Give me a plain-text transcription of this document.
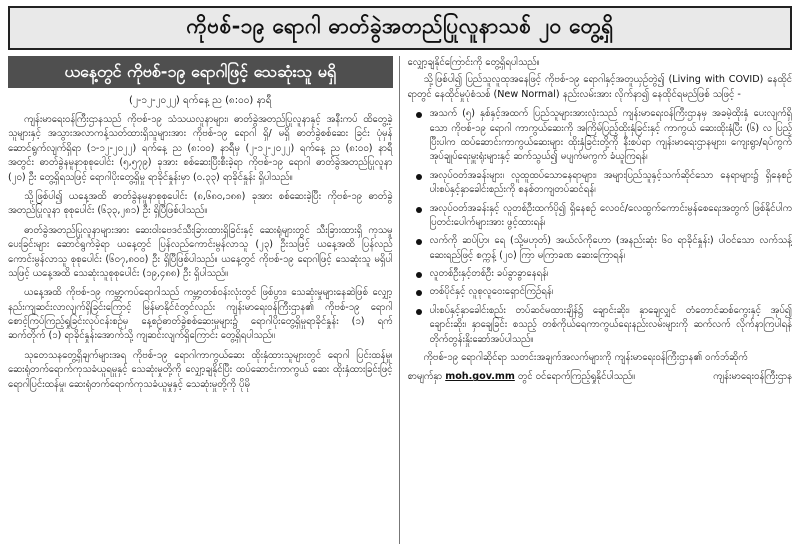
ကိုဗစ်-၁၉ ရောဂါ ဓာတ်ခွဲအတည်ပြုလူနာသစ် ၂၀ တွေ့ရှိ
ယနေ့တွင် ကိုဗစ်-၁၉ ရောဂါဖြင့် သေဆုံးသူ မရှိ
(၂-၁၂-၂၀၂၂) ရက်နေ့ ည (၈:၀၀) နာရီ

ကျန်းမာရေးဝန်ကြီးဌာနသည် ကိုဗစ်-၁၉ သံသယလူနာများ၊ ဓာတ်ခွဲအတည်ပြုလူနာနှင့် အနီးကပ် ထိတွေ့ခဲ့သူများနှင့် အသွားအလာကန့်သတ်ထားရှိသူများအား ကိုဗစ်-၁၉ ရောဂါ ရှိ/ မရှိ ဓာတ်ခွဲစစ်ဆေး ခြင်း ပုံမှန်ဆောင်ရွက်လျက်ရှိရာ (၁-၁၂-၂၀၂၂) ရက်နေ့ ည (၈:၀၀) နာရီမှ (၂-၁၂-၂၀၂၂) ရက်နေ့ ည (၈:၀၀) နာရီအတွင်း ဓာတ်ခွဲနမူနာစုစုပေါင်း (၅,၅၇၉) ခုအား စစ်ဆေးပြီးစီးခဲ့ရာ ကိုဗစ်-၁၉ ရောဂါ ဓာတ်ခွဲအတည်ပြုလူနာ (၂၀) ဦး တွေ့ရှိရသဖြင့် ရောဂါပိုးတွေ့ရှိမှု ရာခိုင်နှုန်းမှာ (၀.၃၃) ရာခိုင်နှုန်း ရှိပါသည်။

သို့ဖြစ်ပါ၍ ယနေ့အထိ ဓာတ်ခွဲနမူနာစုစုပေါင်း (၈,၆၈၀,၁၈၈) ခုအား စစ်ဆေးခဲ့ပြီး ကိုဗစ်-၁၉ ဓာတ်ခွဲအတည်ပြုလူနာ စုစုပေါင်း (၆၃၃,၂၈၁) ဦး ရှိပြီဖြစ်ပါသည်။

ဓာတ်ခွဲအတည်ပြုလူနာများအား ဆေးဝါးဗေဒင်သီးခြားထားရှိခြင်းနှင့် ဆေးရုံများတွင် သီးခြားထားရှိ ကုသမှုပေးခြင်းများ ဆောင်ရွက်ခဲ့ရာ ယနေ့တွင် ပြန်လည်ကောင်းမွန်လာသူ (၂၃) ဦးသဖြင့် ယနေ့အထိ ပြန်လည်ကောင်းမွန်လာသူ စုစုပေါင်း (၆၀၇,၈၀၀) ဦး ရှိပြီဖြစ်ပါသည်။ ယနေ့တွင် ကိုဗစ်-၁၉ ရောဂါဖြင့် သေဆုံးသူ မရှိပါသဖြင့် ယနေ့အထိ သေဆုံးသူစုစုပေါင်း (၁၉,၄၈၈) ဦး ရှိပါသည်။

ယနေ့အထိ ကိုဗစ်-၁၉ ကမ္ဘာ့ကပ်ရောဂါသည် ကမ္ဘာ့တစ်ဝန်းလုံးတွင် ဖြစ်ပွား၊ သေဆုံးမှုများနေဆဲဖြစ် လျှော့နည်းကျဆင်းလာလျက်ရှိခြင်းကြောင့် မြန်မာနိုင်ငံတွင်လည်း ကျန်းမာရေးဝန်ကြီးဌာန၏ ကိုဗစ်-၁၉ ရောဂါ စောင့်ကြပ်ကြည့်ရှုခြင်းလုပ်ငန်းစဉ်မှ နေ့စဉ်ဓာတ်ခွဲစစ်ဆေးမှုများ၌ ရောဂါပိုးတွေ့ရှိမှုရာခိုင်နှုန်း (၁) ရက် ဆက်တိုက် (၁) ရာခိုင်နှုန်းအောက်သို့ ကျဆင်းလျက်ရှိကြောင်း တွေ့ရှိရပါသည်။

သုတေသနတွေ့ရှိချက်များအရ ကိုဗစ်-၁၉ ရောဂါကာကွယ်ဆေး ထိုးနှံထားသူများတွင် ရောဂါ ပြင်းထန်မှု၊ ဆေးရုံတက်ရောက်ကုသခံယူရမှုနှင့် သေဆုံးမှုတို့ကို လျှော့ချနိုင်ပြီး ထပ်ဆောင်းကာကွယ် ဆေး ထိုးနှံထားခြင်းဖြင့် ရောဂါပြင်းထန်မှု၊ ဆေးရုံတက်ရောက်ကုသခံယူမှုနှင့် သေဆုံးမှုတို့ကို ပိုမို

လျှော့ချနိုင်ကြောင်းကို တွေ့ရှိရပါသည်။

သို့ဖြစ်ပါ၍ ပြည်သူလူထုအနေဖြင့် ကိုဗစ်-၁၉ ရောဂါနှင့်အတူယှဉ်တွဲ၍ (Living with COVID) နေထိုင်ရာတွင် နေထိုင်မှုပုံစံသစ် (New Normal) နည်းလမ်းအား လိုက်နာ၍ နေထိုင်ရမည်ဖြစ် သဖြင့် -

အသက် (၅) နှစ်နှင့်အထက် ပြည်သူများအားလုံးသည် ကျန်းမာရေးဝန်ကြီးဌာနမှ အခမဲ့ထိုးနှံ ပေးလျက်ရှိသော ကိုဗစ်-၁၉ ရောဂါ ကာကွယ်ဆေးကို အကြိမ်ပြည့်ထိုးနှံခြင်းနှင့် ကာကွယ် ဆေးထိုးနှံပြီး (၆) လ ပြည့်ပြီးပါက ထပ်ဆောင်းကာကွယ်ဆေးများ ထိုးနှံခြင်းတို့ကို နီးစပ်ရာ ကျန်းမာရေးဌာနများ၊ ကျေးရွာ/ရပ်ကွက်အုပ်ချုပ်ရေးမှူးရုံးများနှင့် ဆက်သွယ်၍ မပျက်မကွက် ခံယူကြရန်၊
အလုပ်ဝတ်အခန်းများ၊ လူထူထပ်သောနေရာများ၊ အများပြည်သူနှင့်သက်ဆိုင်သော နေရာများ၌ ရှိနေစဉ် ပါးစပ်နှင့်နှာခေါင်းစည်းကို စနစ်တကျတပ်ဆင်ရန်၊
အလုပ်ဝတ်အခန်းနှင့် လူတစ်ဦးထက်ပို၍ ရှိနေစဉ် လေဝင်/လေထွက်ကောင်းမွန်စေရေးအတွက် ဖြစ်နိုင်ပါက ပြတင်းပေါက်များအား ဖွင့်ထားရန်၊
လက်ကို ဆပ်ပြာ၊ ရေ (သို့မဟုတ်) အယ်လ်ကိုဟော (အနည်းဆုံး ၆၀ ရာခိုင်နှုန်း) ပါဝင်သော လက်သန့်ဆေးရည်ဖြင့် စက္ကန့် (၂၀) ကြာ မကြာခဏ ဆေးကြောရန်၊
လူတစ်ဦးနှင့်တစ်ဦး ခပ်ခွာခွာနေရန်၊
တစ်ပိုင်နှင့် လူစုလူဝေးရှောင်ကြဉ်ရန်၊
ပါးစပ်နှင့်နှာခေါင်းစည်း တပ်ဆင်မထားချိန်၌ ချောင်းဆိုး၊ နှာချေလျှင် တံတောင်ဆစ်ကွေးနှင့် အုပ်၍ ချောင်းဆိုး၊ နှာချေခြင်း စသည့် တစ်ကိုယ်ရေကာကွယ်ရေးနည်းလမ်းများကို ဆက်လက် လိုက်နာကြပါရန် တိုက်တွန်းနှိုးဆော်အပ်ပါသည်။

ကိုဗစ်-၁၉ ရောဂါဆိုင်ရာ သတင်းအချက်အလက်များကို ကျန်းမာရေးဝန်ကြီးဌာန၏ ဝက်ဘ်ဆိုက်

စာမျက်နှာ moh.gov.mm တွင် ဝင်ရောက်ကြည့်ရှုနိုင်ပါသည်။	ကျန်းမာရေးဝန်ကြီးဌာန
